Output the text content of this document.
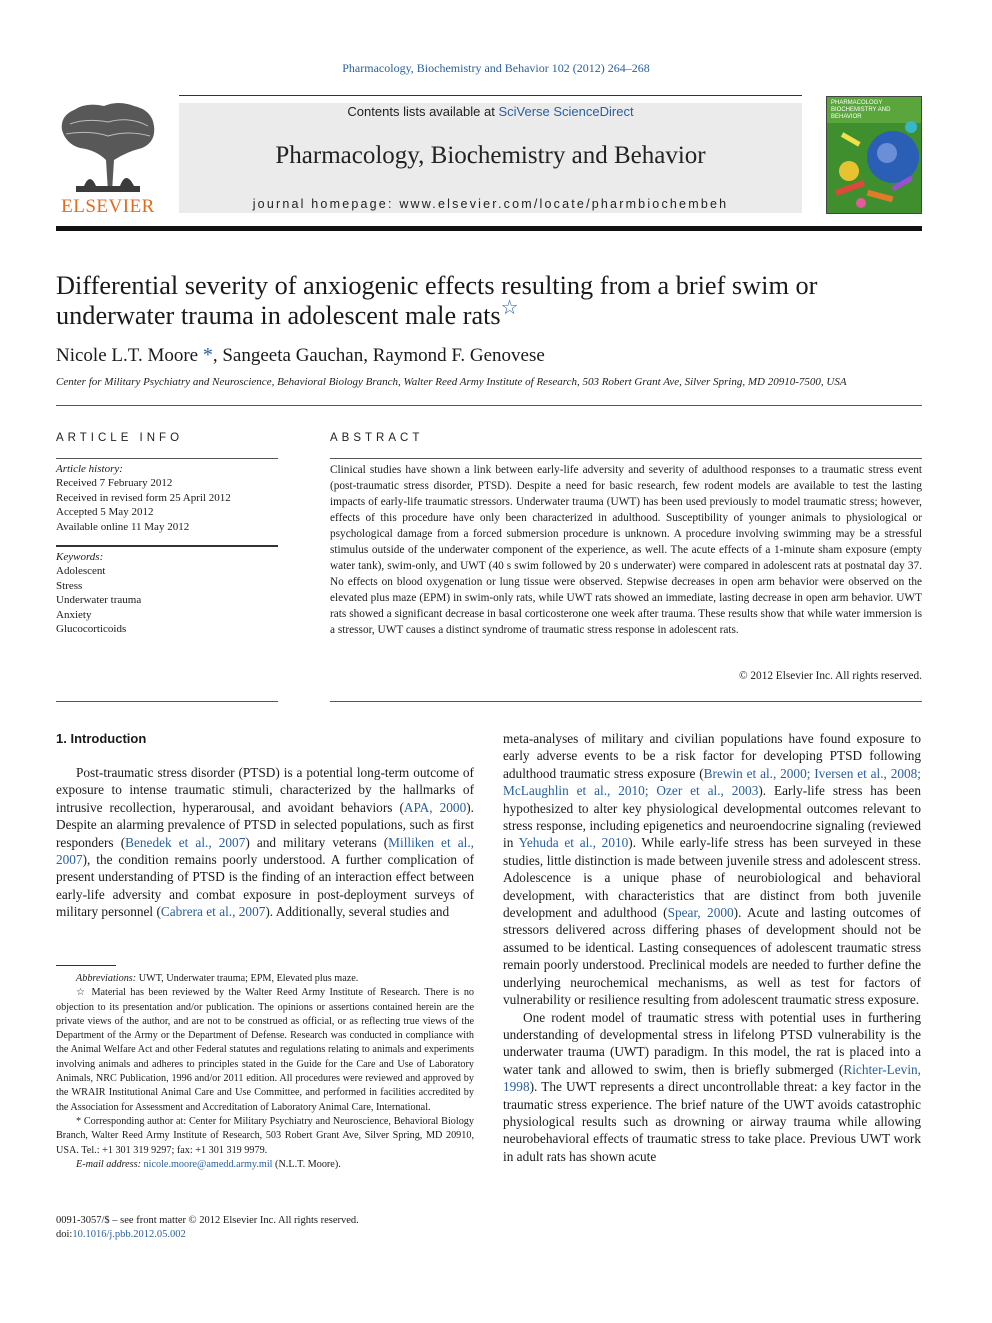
Pharmacology, Biochemistry and Behavior 102 (2012) 264–268
ELSEVIER
Contents lists available at SciVerse ScienceDirect
Pharmacology, Biochemistry and Behavior
journal homepage: www.elsevier.com/locate/pharmbiochembeh
PHARMACOLOGY BIOCHEMISTRY AND BEHAVIOR
Differential severity of anxiogenic effects resulting from a brief swim or underwater trauma in adolescent male rats☆
Nicole L.T. Moore *, Sangeeta Gauchan, Raymond F. Genovese
Center for Military Psychiatry and Neuroscience, Behavioral Biology Branch, Walter Reed Army Institute of Research, 503 Robert Grant Ave, Silver Spring, MD 20910-7500, USA
ARTICLE INFO
Article history:
Received 7 February 2012
Received in revised form 25 April 2012
Accepted 5 May 2012
Available online 11 May 2012
Keywords:
Adolescent
Stress
Underwater trauma
Anxiety
Glucocorticoids
ABSTRACT
Clinical studies have shown a link between early-life adversity and severity of adulthood responses to a traumatic stress event (post-traumatic stress disorder, PTSD). Despite a need for basic research, few rodent models are available to test the lasting impacts of early-life traumatic stressors. Underwater trauma (UWT) has been used previously to model traumatic stress; however, effects of this procedure have only been characterized in adulthood. Susceptibility of younger animals to physiological or psychological damage from a forced submersion procedure is unknown. A procedure involving swimming may be a stressful stimulus outside of the underwater component of the experience, as well. The acute effects of a 1-minute sham exposure (empty water tank), swim-only, and UWT (40 s swim followed by 20 s underwater) were compared in adolescent rats at postnatal day 37. No effects on blood oxygenation or lung tissue were observed. Stepwise decreases in open arm behavior were observed on the elevated plus maze (EPM) in swim-only rats, while UWT rats showed an immediate, lasting decrease in open arm behavior. UWT rats showed a significant decrease in basal corticosterone one week after trauma. These results show that while water immersion is a stressor, UWT causes a distinct syndrome of traumatic stress response in adolescent rats.
© 2012 Elsevier Inc. All rights reserved.
1. Introduction

Post-traumatic stress disorder (PTSD) is a potential long-term outcome of exposure to intense traumatic stimuli, characterized by the hallmarks of intrusive recollection, hyperarousal, and avoidant behaviors (APA, 2000). Despite an alarming prevalence of PTSD in selected populations, such as first responders (Benedek et al., 2007) and military veterans (Milliken et al., 2007), the condition remains poorly understood. A further complication of present understanding of PTSD is the finding of an interaction effect between early-life adversity and combat exposure in post-deployment surveys of military personnel (Cabrera et al., 2007). Additionally, several studies and

meta-analyses of military and civilian populations have found exposure to early adverse events to be a risk factor for developing PTSD following adulthood traumatic stress exposure (Brewin et al., 2000; Iversen et al., 2008; McLaughlin et al., 2010; Ozer et al., 2003). Early-life stress has been hypothesized to alter key physiological developmental outcomes relevant to stress response, including epigenetics and neuroendocrine signaling (reviewed in Yehuda et al., 2010). While early-life stress has been surveyed in these studies, little distinction is made between juvenile stress and adolescent stress. Adolescence is a unique phase of neurobiological and behavioral development, with characteristics that are distinct from both juvenile development and adulthood (Spear, 2000). Acute and lasting outcomes of stressors delivered across differing phases of development should not be assumed to be identical. Lasting consequences of adolescent traumatic stress remain poorly understood. Preclinical models are needed to further define the underlying neurochemical mechanisms, as well as test for factors of vulnerability or resilience resulting from adolescent traumatic stress exposure.

One rodent model of traumatic stress with potential uses in furthering understanding of developmental stress in lifelong PTSD vulnerability is the underwater trauma (UWT) paradigm. In this model, the rat is placed into a water tank and allowed to swim, then is briefly submerged (Richter-Levin, 1998). The UWT represents a direct uncontrollable threat: a key factor in the traumatic stress experience. The brief nature of the UWT avoids catastrophic physiological results such as drowning or airway trauma while allowing neurobehavioral effects of traumatic stress to take place. Previous UWT work in adult rats has shown acute

Abbreviations: UWT, Underwater trauma; EPM, Elevated plus maze.

☆ Material has been reviewed by the Walter Reed Army Institute of Research. There is no objection to its presentation and/or publication. The opinions or assertions contained herein are the private views of the author, and are not to be construed as official, or as reflecting true views of the Department of the Army or the Department of Defense. Research was conducted in compliance with the Animal Welfare Act and other Federal statutes and regulations relating to animals and experiments involving animals and adheres to principles stated in the Guide for the Care and Use of Laboratory Animals, NRC Publication, 1996 and/or 2011 edition. All procedures were reviewed and approved by the WRAIR Institutional Animal Care and Use Committee, and performed in facilities accredited by the Association for Assessment and Accreditation of Laboratory Animal Care, International.

* Corresponding author at: Center for Military Psychiatry and Neuroscience, Behavioral Biology Branch, Walter Reed Army Institute of Research, 503 Robert Grant Ave, Silver Spring, MD 20910, USA. Tel.: +1 301 319 9297; fax: +1 301 319 9979.

E-mail address: nicole.moore@amedd.army.mil (N.L.T. Moore).

0091-3057/$ – see front matter © 2012 Elsevier Inc. All rights reserved.
doi:10.1016/j.pbb.2012.05.002
